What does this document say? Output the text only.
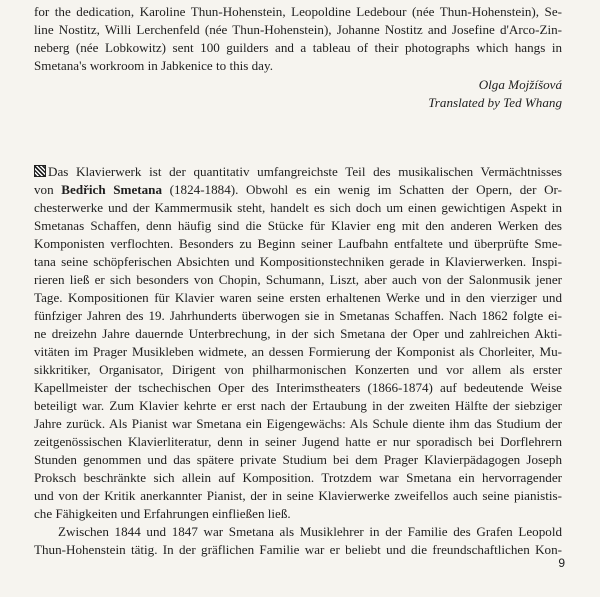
for the dedication, Karoline Thun-Hohenstein, Leopoldine Ledebour (née Thun-Hohenstein), Se-
line Nostitz, Willi Lerchenfeld (née Thun-Hohenstein), Johanne Nostitz and Josefine d'Arco-Zin-
neberg (née Lobkowitz) sent 100 guilders and a tableau of their photographs which hangs in
Smetana's workroom in Jabkenice to this day.
Olga Mojžíšová
Translated by Ted Whang
Das Klavierwerk ist der quantitativ umfangreichste Teil des musikalischen Vermächtnisses
von Bedřich Smetana (1824-1884). Obwohl es ein wenig im Schatten der Opern, der Or-
chesterwerke und der Kammermusik steht, handelt es sich doch um einen gewichtigen Aspekt in
Smetanas Schaffen, denn häufig sind die Stücke für Klavier eng mit den anderen Werken des
Komponisten verflochten. Besonders zu Beginn seiner Laufbahn entfaltete und überprüfte Sme-
tana seine schöpferischen Absichten und Kompositionstechniken gerade in Klavierwerken. Inspi-
rieren ließ er sich besonders von Chopin, Schumann, Liszt, aber auch von der Salonmusik jener
Tage. Kompositionen für Klavier waren seine ersten erhaltenen Werke und in den vierziger und
fünfziger Jahren des 19. Jahrhunderts überwogen sie in Smetanas Schaffen. Nach 1862 folgte ei-
ne dreizehn Jahre dauernde Unterbrechung, in der sich Smetana der Oper und zahlreichen Akti-
vitäten im Prager Musikleben widmete, an dessen Formierung der Komponist als Chorleiter, Mu-
sikkritiker, Organisator, Dirigent von philharmonischen Konzerten und vor allem als erster
Kapellmeister der tschechischen Oper des Interimstheaters (1866-1874) auf bedeutende Weise
beteiligt war. Zum Klavier kehrte er erst nach der Ertaubung in der zweiten Hälfte der siebziger
Jahre zurück. Als Pianist war Smetana ein Eigengewächs: Als Schule diente ihm das Studium der
zeitgenössischen Klavierliteratur, denn in seiner Jugend hatte er nur sporadisch bei Dorflehrern
Stunden genommen und das spätere private Studium bei dem Prager Klavierpädagogen Joseph
Proksch beschränkte sich allein auf Komposition. Trotzdem war Smetana ein hervorragender
und von der Kritik anerkannter Pianist, der in seine Klavierwerke zweifellos auch seine pianistis-
che Fähigkeiten und Erfahrungen einfließen ließ.
Zwischen 1844 und 1847 war Smetana als Musiklehrer in der Familie des Grafen Leopold
Thun-Hohenstein tätig. In der gräflichen Familie war er beliebt und die freundschaftlichen Kon-
9
